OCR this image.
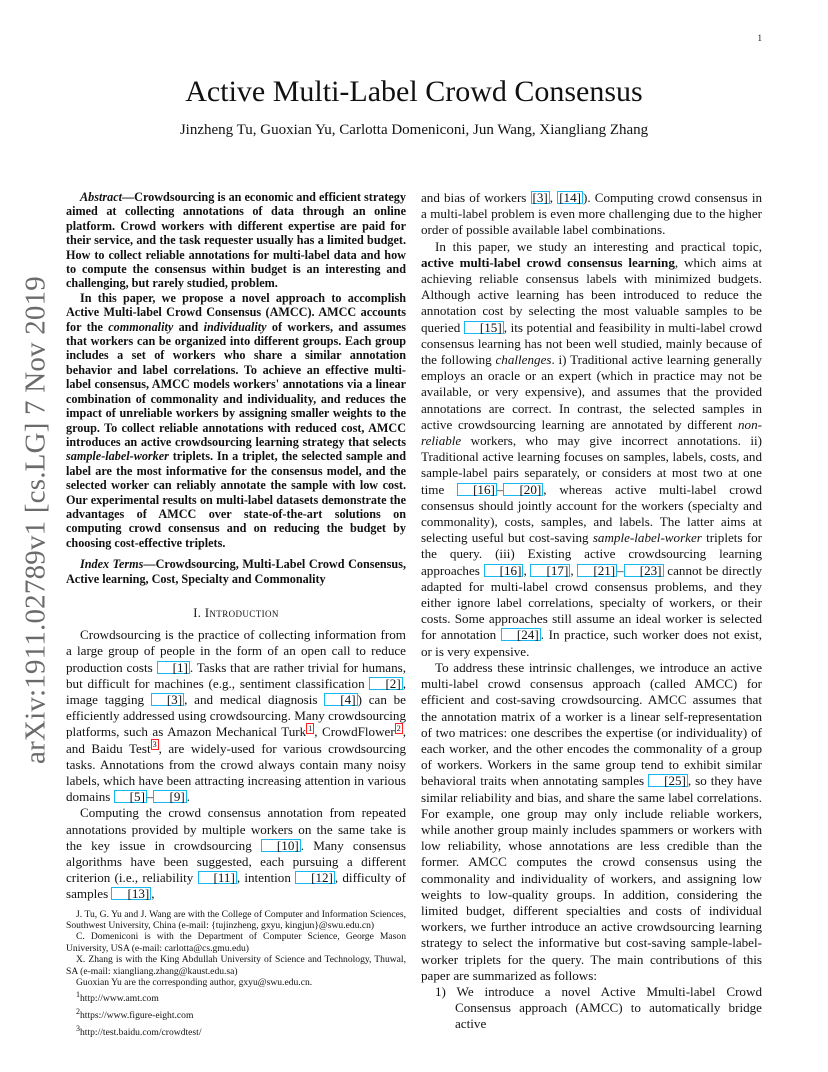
1
Active Multi-Label Crowd Consensus
Jinzheng Tu, Guoxian Yu, Carlotta Domeniconi, Jun Wang, Xiangliang Zhang
arXiv:1911.02789v1 [cs.LG] 7 Nov 2019

Abstract—Crowdsourcing is an economic and efficient strategy aimed at collecting annotations of data through an online platform. Crowd workers with different expertise are paid for their service, and the task requester usually has a limited budget. How to collect reliable annotations for multi-label data and how to compute the consensus within budget is an interesting and challenging, but rarely studied, problem.

In this paper, we propose a novel approach to accomplish Active Multi-label Crowd Consensus (AMCC). AMCC accounts for the commonality and individuality of workers, and assumes that workers can be organized into different groups. Each group includes a set of workers who share a similar annotation behavior and label correlations. To achieve an effective multi-label consensus, AMCC models workers' annotations via a linear combination of commonality and individuality, and reduces the impact of unreliable workers by assigning smaller weights to the group. To collect reliable annotations with reduced cost, AMCC introduces an active crowdsourcing learning strategy that selects sample-label-worker triplets. In a triplet, the selected sample and label are the most informative for the consensus model, and the selected worker can reliably annotate the sample with low cost. Our experimental results on multi-label datasets demonstrate the advantages of AMCC over state-of-the-art solutions on computing crowd consensus and on reducing the budget by choosing cost-effective triplets.

Index Terms—Crowdsourcing, Multi-Label Crowd Consensus, Active learning, Cost, Specialty and Commonality

I. Introduction

Crowdsourcing is the practice of collecting information from a large group of people in the form of an open call to reduce production costs [1] . Tasks that are rather trivial for humans, but difficult for machines (e.g., sentiment classification [2] , image tagging [3] , and medical diagnosis [4] ) can be efficiently addressed using crowdsourcing. Many crowdsourcing platforms, such as Amazon Mechanical Turk $^1$ , CrowdFlower $^2$ , and Baidu Test $^3$ , are widely-used for various crowdsourcing tasks. Annotations from the crowd always contain many noisy labels, which have been attracting increasing attention in various domains [5] – [9] .

Computing the crowd consensus annotation from repeated annotations provided by multiple workers on the same take is the key issue in crowdsourcing [10] . Many consensus algorithms have been suggested, each pursuing a different criterion (i.e., reliability [11] , intention [12] , difficulty of samples [13] ,

J. Tu, G. Yu and J. Wang are with the College of Computer and Information Sciences, Southwest University, China (e-mail: {tujinzheng, gxyu, kingjun}@swu.edu.cn)

C. Domeniconi is with the Department of Computer Science, George Mason University, USA (e-mail: carlotta@cs.gmu.edu)

X. Zhang is with the King Abdullah University of Science and Technology, Thuwal, SA (e-mail: xiangliang.zhang@kaust.edu.sa)

Guoxian Yu are the corresponding author, gxyu@swu.edu.cn.

$^1$http://www.amt.com

$^2$https://www.figure-eight.com

$^3$http://test.baidu.com/crowdtest/

and bias of workers [3] , [14] ). Computing crowd consensus in a multi-label problem is even more challenging due to the higher order of possible available label combinations.

In this paper, we study an interesting and practical topic, active multi-label crowd consensus learning, which aims at achieving reliable consensus labels with minimized budgets. Although active learning has been introduced to reduce the annotation cost by selecting the most valuable samples to be queried [15] , its potential and feasibility in multi-label crowd consensus learning has not been well studied, mainly because of the following challenges. i) Traditional active learning generally employs an oracle or an expert (which in practice may not be available, or very expensive), and assumes that the provided annotations are correct. In contrast, the selected samples in active crowdsourcing learning are annotated by different non-reliable workers, who may give incorrect annotations. ii) Traditional active learning focuses on samples, labels, costs, and sample-label pairs separately, or considers at most two at one time [16] – [20] , whereas active multi-label crowd consensus should jointly account for the workers (specialty and commonality), costs, samples, and labels. The latter aims at selecting useful but cost-saving sample-label-worker triplets for the query. (iii) Existing active crowdsourcing learning approaches [16] , [17] , [21] – [23] cannot be directly adapted for multi-label crowd consensus problems, and they either ignore label correlations, specialty of workers, or their costs. Some approaches still assume an ideal worker is selected for annotation [24] . In practice, such worker does not exist, or is very expensive.

To address these intrinsic challenges, we introduce an active multi-label crowd consensus approach (called AMCC) for efficient and cost-saving crowdsourcing. AMCC assumes that the annotation matrix of a worker is a linear self-representation of two matrices: one describes the expertise (or individuality) of each worker, and the other encodes the commonality of a group of workers. Workers in the same group tend to exhibit similar behavioral traits when annotating samples [25] , so they have similar reliability and bias, and share the same label correlations. For example, one group may only include reliable workers, while another group mainly includes spammers or workers with low reliability, whose annotations are less credible than the former. AMCC computes the crowd consensus using the commonality and individuality of workers, and assigning low weights to low-quality groups. In addition, considering the limited budget, different specialties and costs of individual workers, we further introduce an active crowdsourcing learning strategy to select the informative but cost-saving sample-label-worker triplets for the query. The main contributions of this paper are summarized as follows:

1) We introduce a novel Active Mmulti-label Crowd Consensus approach (AMCC) to automatically bridge active
